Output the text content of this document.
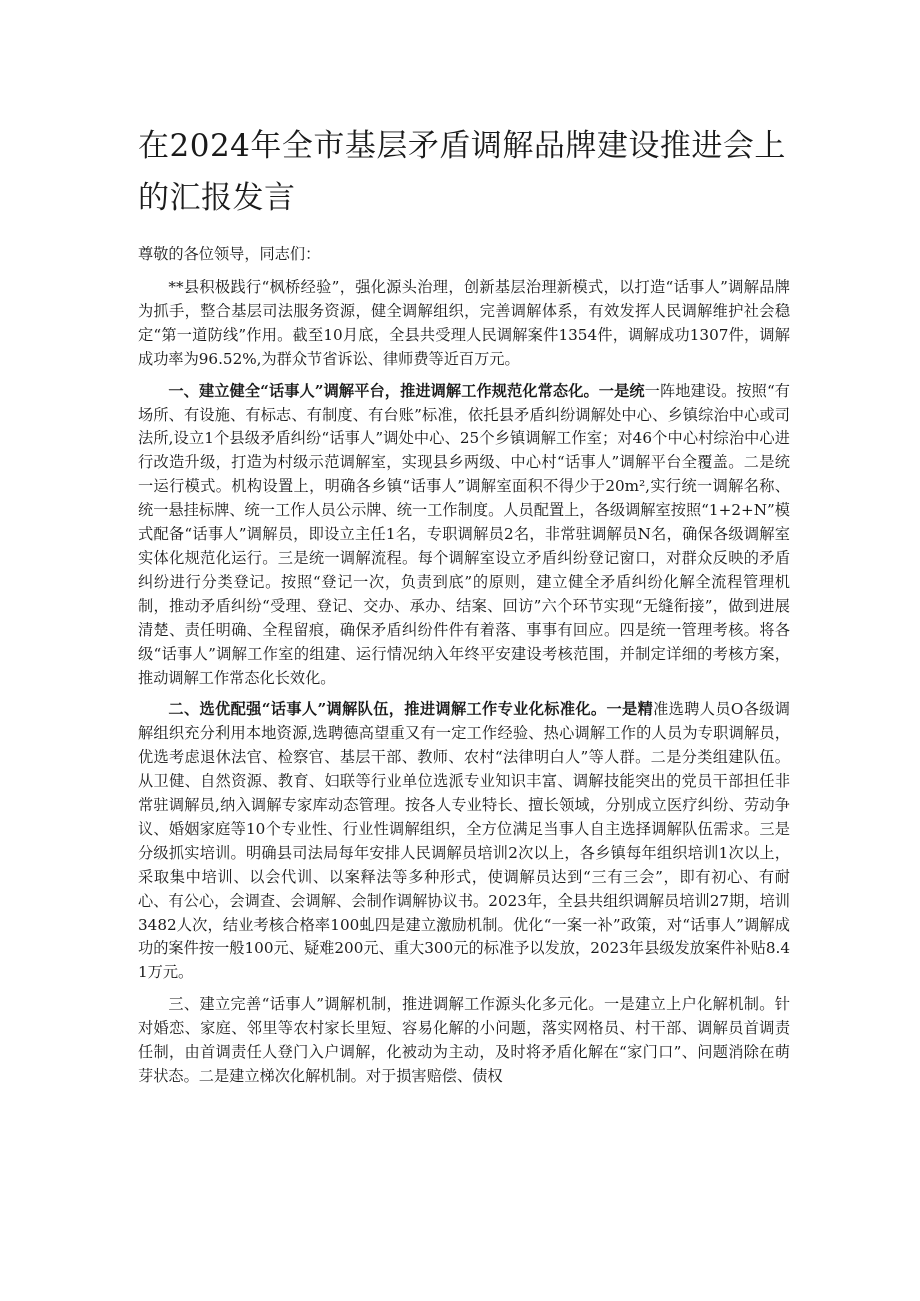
在2024年全市基层矛盾调解品牌建设推进会上的汇报发言

尊敬的各位领导，同志们：

**县积极践行“枫桥经验”，强化源头治理，创新基层治理新模式，以打造“话事人”调解品牌为抓手，整合基层司法服务资源，健全调解组织，完善调解体系，有效发挥人民调解维护社会稳定“第一道防线”作用。截至10月底，全县共受理人民调解案件1354件，调解成功1307件，调解成功率为96.52%,为群众节省诉讼、律师费等近百万元。

一、建立健全“话事人”调解平台，推进调解工作规范化常态化。一是统一阵地建设。按照“有场所、有设施、有标志、有制度、有台账”标准，依托县矛盾纠纷调解处中心、乡镇综治中心或司法所,设立1个县级矛盾纠纷“话事人”调处中心、25个乡镇调解工作室；对46个中心村综治中心进行改造升级，打造为村级示范调解室，实现县乡两级、中心村“话事人”调解平台全覆盖。二是统一运行模式。机构设置上，明确各乡镇“话事人”调解室面积不得少于20m²,实行统一调解名称、统一悬挂标牌、统一工作人员公示牌、统一工作制度。人员配置上，各级调解室按照“1+2+N”模式配备“话事人”调解员，即设立主任1名，专职调解员2名，非常驻调解员N名，确保各级调解室实体化规范化运行。三是统一调解流程。每个调解室设立矛盾纠纷登记窗口，对群众反映的矛盾纠纷进行分类登记。按照“登记一次，负责到底”的原则，建立健全矛盾纠纷化解全流程管理机制，推动矛盾纠纷“受理、登记、交办、承办、结案、回访”六个环节实现“无缝衔接”，做到进展清楚、责任明确、全程留痕，确保矛盾纠纷件件有着落、事事有回应。四是统一管理考核。将各级“话事人”调解工作室的组建、运行情况纳入年终平安建设考核范围，并制定详细的考核方案，推动调解工作常态化长效化。

二、选优配强“话事人”调解队伍，推进调解工作专业化标准化。一是精准选聘人员O各级调解组织充分利用本地资源,选聘德高望重又有一定工作经验、热心调解工作的人员为专职调解员，优选考虑退休法官、检察官、基层干部、教师、农村“法律明白人”等人群。二是分类组建队伍。从卫健、自然资源、教育、妇联等行业单位选派专业知识丰富、调解技能突出的党员干部担任非常驻调解员,纳入调解专家库动态管理。按各人专业特长、擅长领域，分别成立医疗纠纷、劳动争议、婚姻家庭等10个专业性、行业性调解组织，全方位满足当事人自主选择调解队伍需求。三是分级抓实培训。明确县司法局每年安排人民调解员培训2次以上，各乡镇每年组织培训1次以上，采取集中培训、以会代训、以案释法等多种形式，使调解员达到“三有三会”，即有初心、有耐心、有公心，会调查、会调解、会制作调解协议书。2023年，全县共组织调解员培训27期，培训3482人次，结业考核合格率100虬四是建立激励机制。优化“一案一补”政策，对“话事人”调解成功的案件按一般100元、疑难200元、重大300元的标准予以发放，2023年县级发放案件补贴8.41万元。

三、建立完善“话事人”调解机制，推进调解工作源头化多元化。一是建立上户化解机制。针对婚恋、家庭、邻里等农村家长里短、容易化解的小问题，落实网格员、村干部、调解员首调责任制，由首调责任人登门入户调解，化被动为主动，及时将矛盾化解在“家门口”、问题消除在萌芽状态。二是建立梯次化解机制。对于损害赔偿、债权
